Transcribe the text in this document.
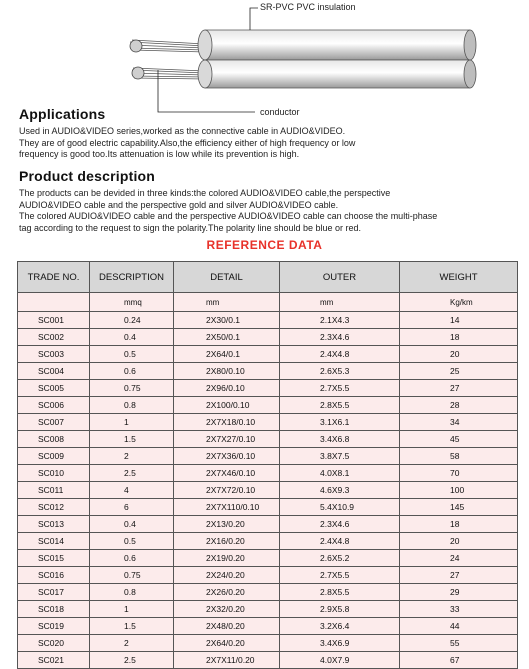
SR-PVC PVC insulation
conductor
Applications
Used in AUDIO&VIDEO series,worked as the connective cable in AUDIO&VIDEO.
They are of good electric capability.Also,the efficiency either of high frequency or low
frequency is good too.Its attenuation is low while its prevention is high.
Product description
The products can be devided in three kinds:the colored AUDIO&VIDEO cable,the perspective
AUDIO&VIDEO cable and the perspective gold and silver AUDIO&VIDEO cable.
The colored AUDIO&VIDEO cable and the perspective AUDIO&VIDEO cable can choose the multi-phase
tag according to the request to sign the polarity.The polarity line should be blue or red.
REFERENCE DATA
TRADE NO.	DESCRIPTION	DETAIL	OUTER	WEIGHT
	mmq	mm	mm	Kg/km
SC001	0.24	2X30/0.1	2.1X4.3	14
SC002	0.4	2X50/0.1	2.3X4.6	18
SC003	0.5	2X64/0.1	2.4X4.8	20
SC004	0.6	2X80/0.10	2.6X5.3	25
SC005	0.75	2X96/0.10	2.7X5.5	27
SC006	0.8	2X100/0.10	2.8X5.5	28
SC007	1	2X7X18/0.10	3.1X6.1	34
SC008	1.5	2X7X27/0.10	3.4X6.8	45
SC009	2	2X7X36/0.10	3.8X7.5	58
SC010	2.5	2X7X46/0.10	4.0X8.1	70
SC011	4	2X7X72/0.10	4.6X9.3	100
SC012	6	2X7X110/0.10	5.4X10.9	145
SC013	0.4	2X13/0.20	2.3X4.6	18
SC014	0.5	2X16/0.20	2.4X4.8	20
SC015	0.6	2X19/0.20	2.6X5.2	24
SC016	0.75	2X24/0.20	2.7X5.5	27
SC017	0.8	2X26/0.20	2.8X5.5	29
SC018	1	2X32/0.20	2.9X5.8	33
SC019	1.5	2X48/0.20	3.2X6.4	44
SC020	2	2X64/0.20	3.4X6.9	55
SC021	2.5	2X7X11/0.20	4.0X7.9	67
